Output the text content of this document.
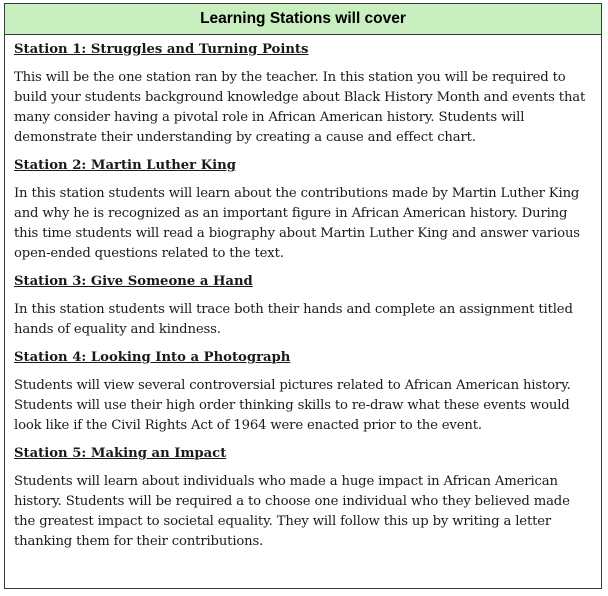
Learning Stations will cover

Station 1: Struggles and Turning Points

This will be the one station ran by the teacher. In this station you will be required to build your students background knowledge about Black History Month and events that many consider having a pivotal role in African American history. Students will demonstrate their understanding by creating a cause and effect chart.

Station 2: Martin Luther King

In this station students will learn about the contributions made by Martin Luther King and why he is recognized as an important figure in African American history. During this time students will read a biography about Martin Luther King and answer various open-ended questions related to the text.

Station 3: Give Someone a Hand

In this station students will trace both their hands and complete an assignment titled hands of equality and kindness.

Station 4: Looking Into a Photograph

Students will view several controversial pictures related to African American history. Students will use their high order thinking skills to re-draw what these events would look like if the Civil Rights Act of 1964 were enacted prior to the event.

Station 5: Making an Impact

Students will learn about individuals who made a huge impact in African American history. Students will be required a to choose one individual who they believed made the greatest impact to societal equality. They will follow this up by writing a letter thanking them for their contributions.
